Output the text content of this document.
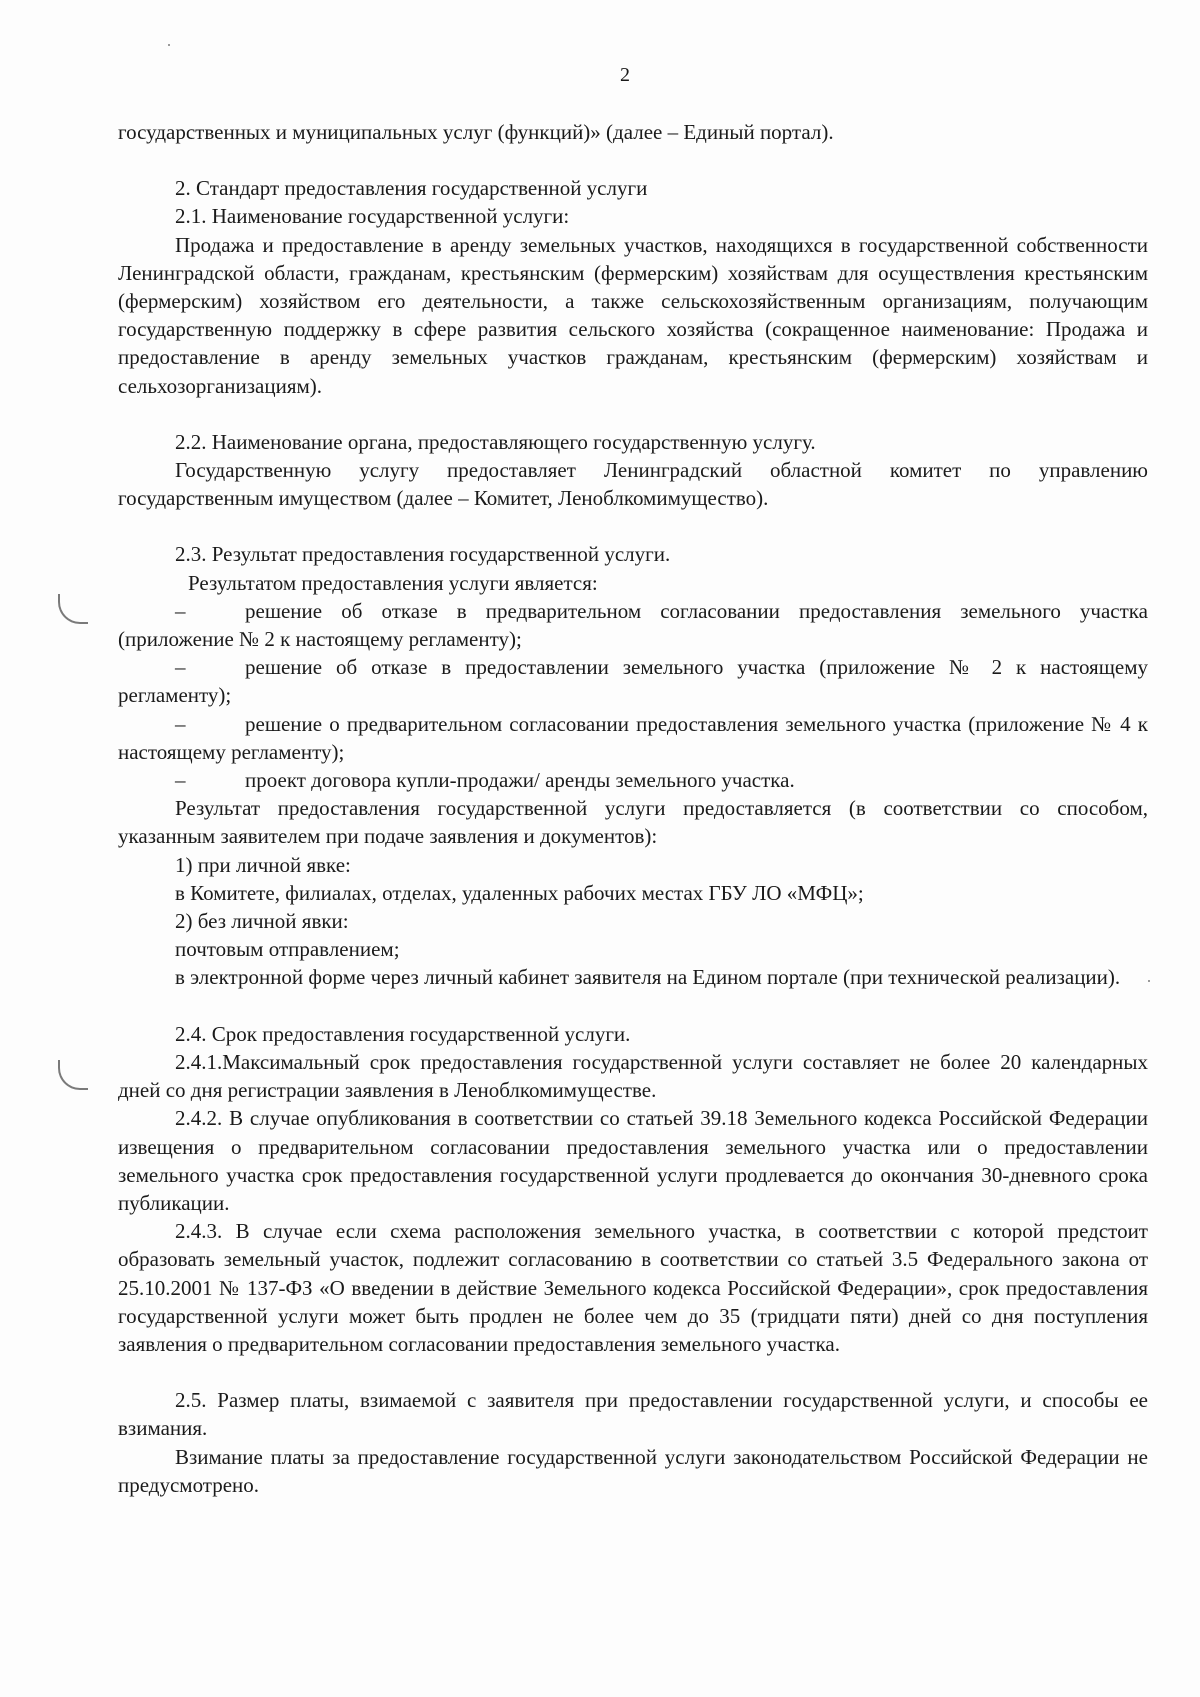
2

государственных и муниципальных услуг (функций)» (далее – Единый портал).

2. Стандарт предоставления государственной услуги

2.1. Наименование государственной услуги:

Продажа и предоставление в аренду земельных участков, находящихся в государственной собственности Ленинградской области, гражданам, крестьянским (фермерским) хозяйствам для осуществления крестьянским (фермерским) хозяйством его деятельности, а также сельскохозяйственным организациям, получающим государственную поддержку в сфере развития сельского хозяйства (сокращенное наименование: Продажа и предоставление в аренду земельных участков гражданам, крестьянским (фермерским) хозяйствам и сельхозорганизациям).

2.2. Наименование органа, предоставляющего государственную услугу.

Государственную услугу предоставляет Ленинградский областной комитет по управлению государственным имуществом (далее – Комитет, Леноблкомимущество).

2.3. Результат предоставления государственной услуги.

Результатом предоставления услуги является:

–	решение об отказе в предварительном согласовании предоставления земельного участка (приложение № 2 к настоящему регламенту);

–	решение об отказе в предоставлении земельного участка (приложение № 2 к настоящему регламенту);

–	решение о предварительном согласовании предоставления земельного участка (приложение № 4 к настоящему регламенту);

–	проект договора купли-продажи/ аренды земельного участка.

Результат предоставления государственной услуги предоставляется (в соответствии со способом, указанным заявителем при подаче заявления и документов):

1) при личной явке:

в Комитете, филиалах, отделах, удаленных рабочих местах ГБУ ЛО «МФЦ»;

2) без личной явки:

почтовым отправлением;

в электронной форме через личный кабинет заявителя на Едином портале (при технической реализации).

2.4. Срок предоставления государственной услуги.

2.4.1.Максимальный срок предоставления государственной услуги составляет не более 20 календарных дней со дня регистрации заявления в Леноблкомимуществе.

2.4.2. В случае опубликования в соответствии со статьей 39.18 Земельного кодекса Российской Федерации извещения о предварительном согласовании предоставления земельного участка или о предоставлении земельного участка срок предоставления государственной услуги продлевается до окончания 30-дневного срока публикации.

2.4.3. В случае если схема расположения земельного участка, в соответствии с которой предстоит образовать земельный участок, подлежит согласованию в соответствии со статьей 3.5 Федерального закона от 25.10.2001 № 137-ФЗ «О введении в действие Земельного кодекса Российской Федерации», срок предоставления государственной услуги может быть продлен не более чем до 35 (тридцати пяти) дней со дня поступления заявления о предварительном согласовании предоставления земельного участка.

2.5. Размер платы, взимаемой с заявителя при предоставлении государственной услуги, и способы ее взимания.

Взимание платы за предоставление государственной услуги законодательством Российской Федерации не предусмотрено.
